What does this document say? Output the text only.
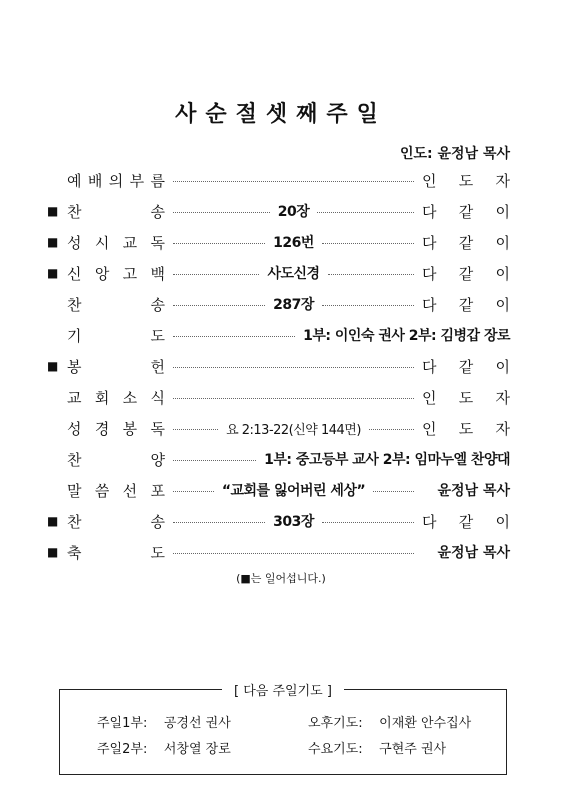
사순절셋째주일
인도: 윤정남 목사
예 배 의 부 름	인 도 자
■ 찬	송	20장	다 같 이
■ 성 시 교 독	126번	다 같 이
■ 신 앙 고 백	사도신경	다 같 이
찬	송	287장	다 같 이
기	도	1부: 이인숙 권사 2부: 김병갑 장로
■ 봉	헌	다 같 이
교 회 소 식	인 도 자
성 경 봉 독	요 2:13-22(신약 144면)	인 도 자
찬	양	1부: 중고등부 교사 2부: 임마누엘 찬양대
말 씀 선 포	“교회를 잃어버린 세상”	윤정남 목사
■ 찬	송	303장	다 같 이
■ 축	도	윤정남 목사
(■는 일어섭니다.)
[ 다음 주일기도 ]
주일1부: 공경선 권사	오후기도: 이재환 안수집사
주일2부: 서창열 장로	수요기도: 구현주 권사
